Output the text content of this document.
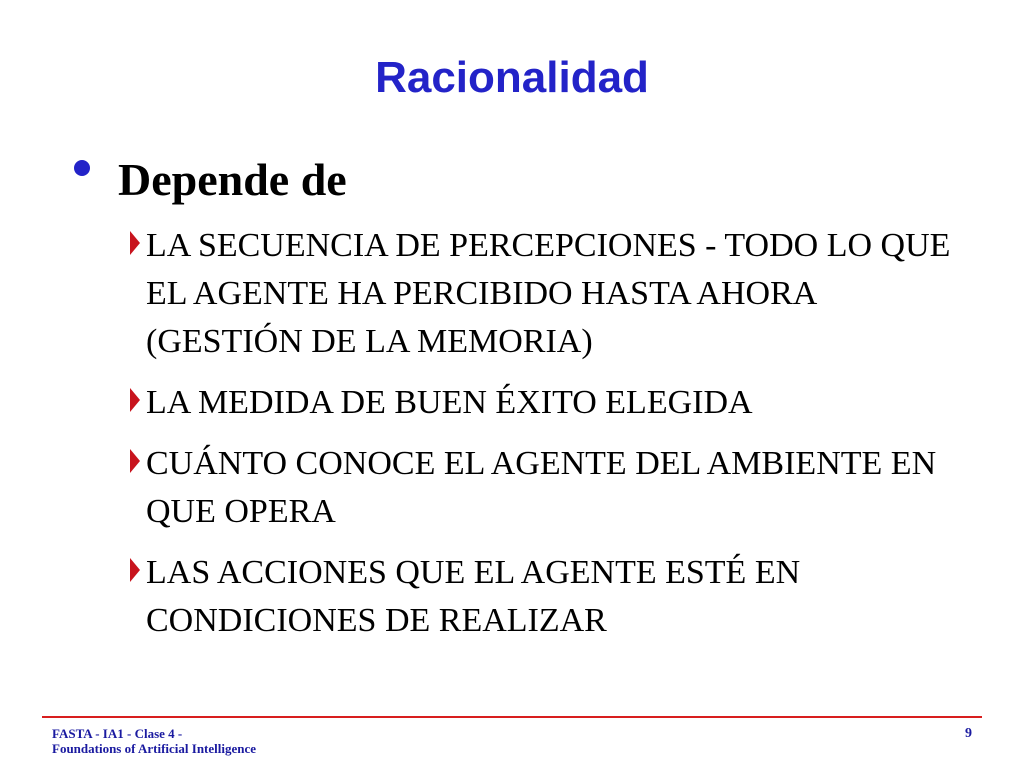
Racionalidad
Depende de
LA SECUENCIA DE PERCEPCIONES - TODO LO QUE EL AGENTE HA PERCIBIDO HASTA AHORA (GESTIÓN DE LA MEMORIA)
LA MEDIDA DE BUEN ÉXITO ELEGIDA
CUÁNTO CONOCE EL AGENTE DEL AMBIENTE EN QUE OPERA
LAS ACCIONES QUE EL AGENTE ESTÉ EN CONDICIONES DE REALIZAR
FASTA - IA1 - Clase 4 -
Foundations of Artificial Intelligence
9
